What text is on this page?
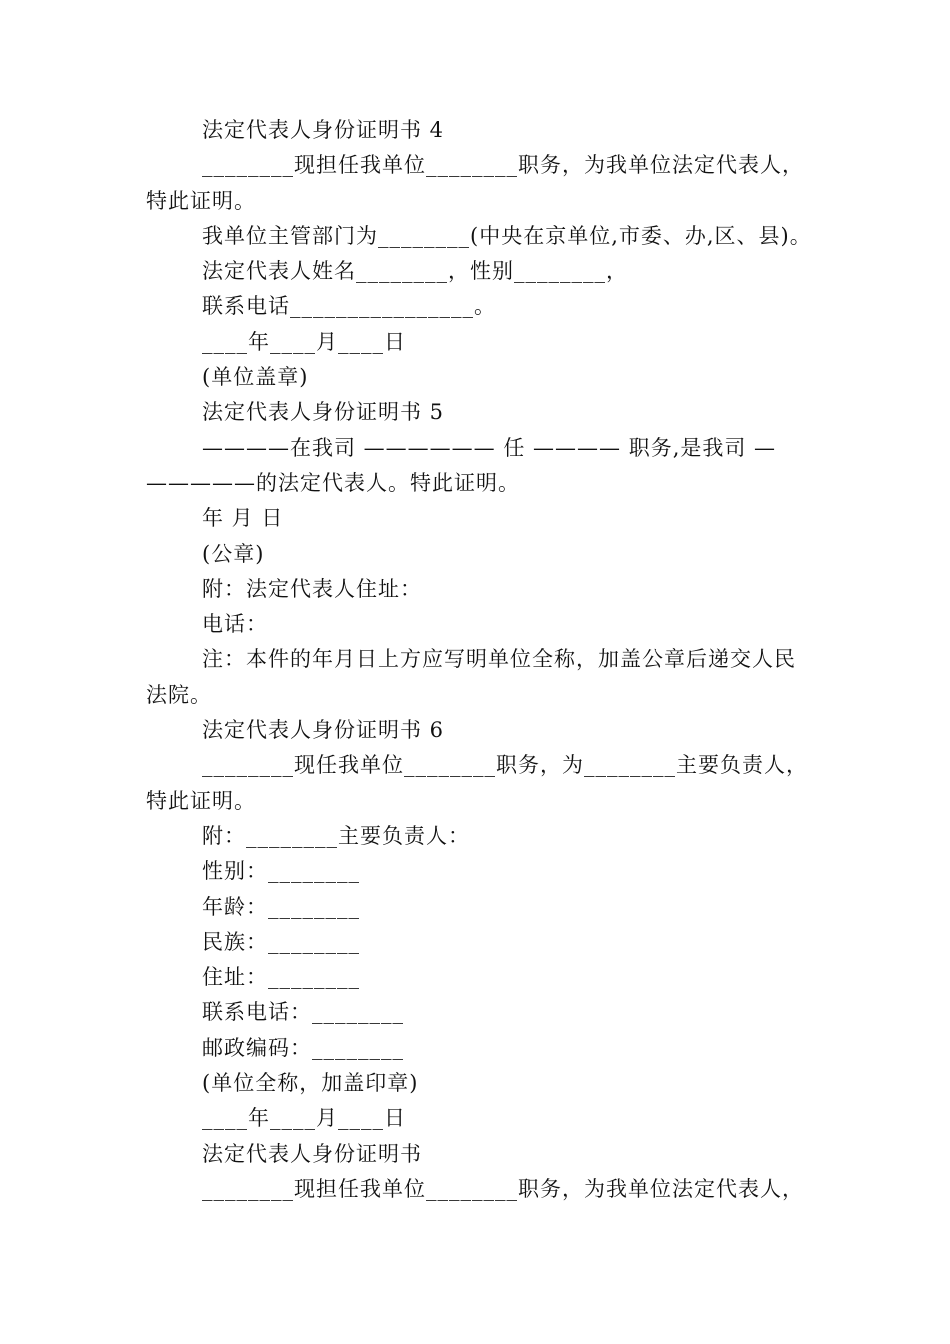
法定代表人身份证明书 4
________现担任我单位________职务，为我单位法定代表人，
特此证明。
我单位主管部门为________(中央在京单位,市委、办,区、县)。
法定代表人姓名________，性别________，
联系电话________________。
____年____月____日
(单位盖章)
法定代表人身份证明书 5
————在我司 —————— 任 ———— 职务,是我司 —
—————的法定代表人。特此证明。
年 月 日
(公章)
附：法定代表人住址：
电话：
注：本件的年月日上方应写明单位全称，加盖公章后递交人民
法院。
法定代表人身份证明书 6
________现任我单位________职务，为________主要负责人，
特此证明。
附：________主要负责人：
性别：________
年龄：________
民族：________
住址：________
联系电话：________
邮政编码：________
(单位全称，加盖印章)
____年____月____日
法定代表人身份证明书
________现担任我单位________职务，为我单位法定代表人，
